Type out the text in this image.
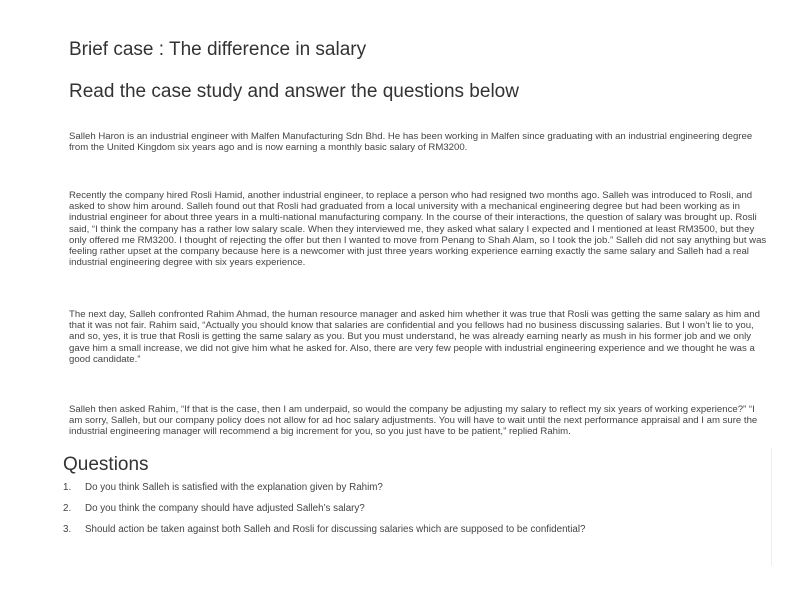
Brief case : The difference in salary
Read the case study and answer the questions below

Salleh Haron is an industrial engineer with Malfen Manufacturing Sdn Bhd. He has been working in Malfen since graduating with an industrial engineering degree from the United Kingdom six years ago and is now earning a monthly basic salary of RM3200.

Recently the company hired Rosli Hamid, another industrial engineer, to replace a person who had resigned two months ago. Salleh was introduced to Rosli, and asked to show him around. Salleh found out that Rosli had graduated from a local university with a mechanical engineering degree but had been working as in industrial engineer for about three years in a multi-national manufacturing company. In the course of their interactions, the question of salary was brought up. Rosli said, “I think the company has a rather low salary scale. When they interviewed me, they asked what salary I expected and I mentioned at least RM3500, but they only offered me RM3200. I thought of rejecting the offer but then I wanted to move from Penang to Shah Alam, so I took the job.” Salleh did not say anything but was feeling rather upset at the company because here is a newcomer with just three years working experience earning exactly the same salary and Salleh had a real industrial engineering degree with six years experience.

The next day, Salleh confronted Rahim Ahmad, the human resource manager and asked him whether it was true that Rosli was getting the same salary as him and that it was not fair. Rahim said, “Actually you should know that salaries are confidential and you fellows had no business discussing salaries. But I won’t lie to you, and so, yes, it is true that Rosli is getting the same salary as you. But you must understand, he was already earning nearly as mush in his former job and we only gave him a small increase, we did not give him what he asked for. Also, there are very few people with industrial engineering experience and we thought he was a good candidate.”

Salleh then asked Rahim, “If that is the case, then I am underpaid, so would the company be adjusting my salary to reflect my six years of working experience?” “I am sorry, Salleh, but our company policy does not allow for ad hoc salary adjustments. You will have to wait until the next performance appraisal and I am sure the industrial engineering manager will recommend a big increment for you, so you just have to be patient,” replied Rahim.

Questions
1. Do you think Salleh is satisfied with the explanation given by Rahim?
2. Do you think the company should have adjusted Salleh’s salary?
3. Should action be taken against both Salleh and Rosli for discussing salaries which are supposed to be confidential?
